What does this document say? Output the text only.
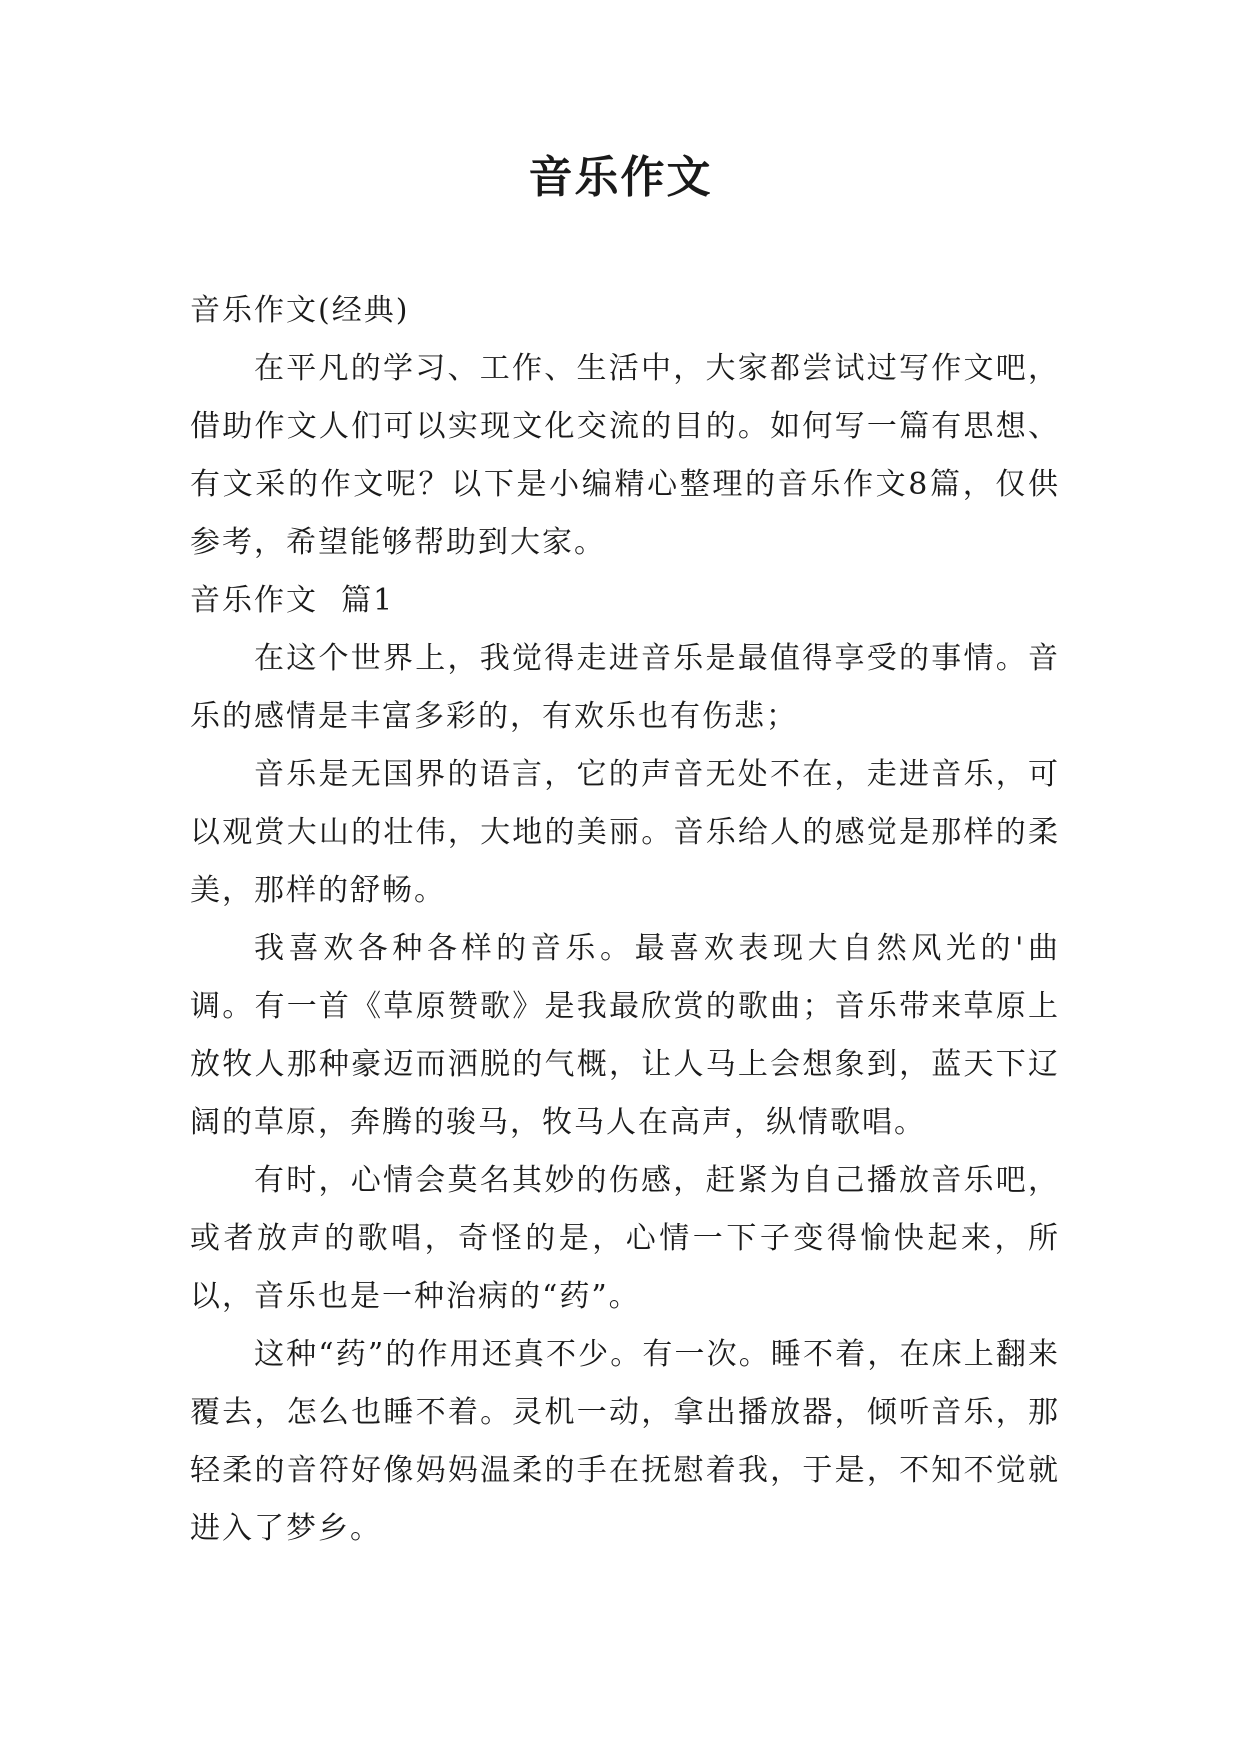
音乐作文

音乐作文(经典)

在平凡的学习、工作、生活中，大家都尝试过写作文吧，借助作文人们可以实现文化交流的目的。如何写一篇有思想、有文采的作文呢？以下是小编精心整理的音乐作文8篇，仅供参考，希望能够帮助到大家。

音乐作文  篇1

在这个世界上，我觉得走进音乐是最值得享受的事情。音乐的感情是丰富多彩的，有欢乐也有伤悲；

音乐是无国界的语言，它的声音无处不在，走进音乐，可以观赏大山的壮伟，大地的美丽。音乐给人的感觉是那样的柔美，那样的舒畅。

我喜欢各种各样的音乐。最喜欢表现大自然风光的'曲调。有一首《草原赞歌》是我最欣赏的歌曲；音乐带来草原上放牧人那种豪迈而洒脱的气概，让人马上会想象到，蓝天下辽阔的草原，奔腾的骏马，牧马人在高声，纵情歌唱。

有时，心情会莫名其妙的伤感，赶紧为自己播放音乐吧，或者放声的歌唱，奇怪的是，心情一下子变得愉快起来，所以，音乐也是一种治病的“药”。

这种“药”的作用还真不少。有一次。睡不着，在床上翻来覆去，怎么也睡不着。灵机一动，拿出播放器，倾听音乐，那轻柔的音符好像妈妈温柔的手在抚慰着我，于是，不知不觉就进入了梦乡。
